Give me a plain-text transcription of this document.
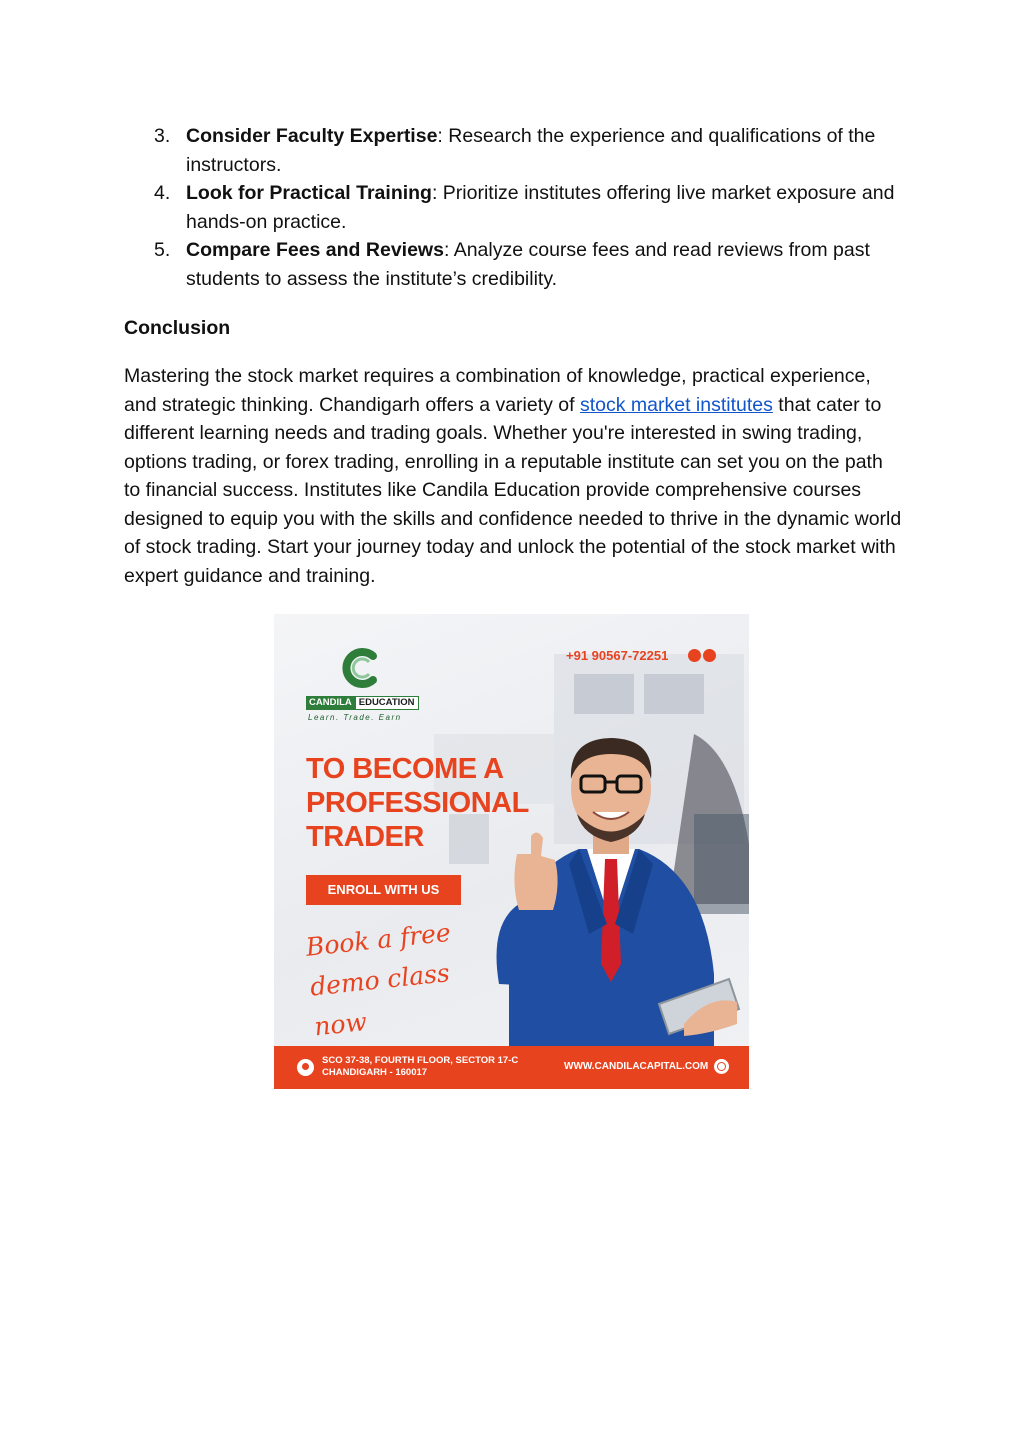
3. Consider Faculty Expertise: Research the experience and qualifications of the instructors.
4. Look for Practical Training: Prioritize institutes offering live market exposure and hands-on practice.
5. Compare Fees and Reviews: Analyze course fees and read reviews from past students to assess the institute’s credibility.
Conclusion

Mastering the stock market requires a combination of knowledge, practical experience, and strategic thinking. Chandigarh offers a variety of stock market institutes that cater to different learning needs and trading goals. Whether you're interested in swing trading, options trading, or forex trading, enrolling in a reputable institute can set you on the path to financial success. Institutes like Candila Education provide comprehensive courses designed to equip you with the skills and confidence needed to thrive in the dynamic world of stock trading. Start your journey today and unlock the potential of the stock market with expert guidance and training.

CANDILA EDUCATION
Learn. Trade. Earn
+91 90567-72251
TO BECOME A
PROFESSIONAL
TRADER
ENROLL WITH US
Book a free
demo class now
SCO 37-38, FOURTH FLOOR, SECTOR 17-C
CHANDIGARH - 160017
WWW.CANDILACAPITAL.COM
